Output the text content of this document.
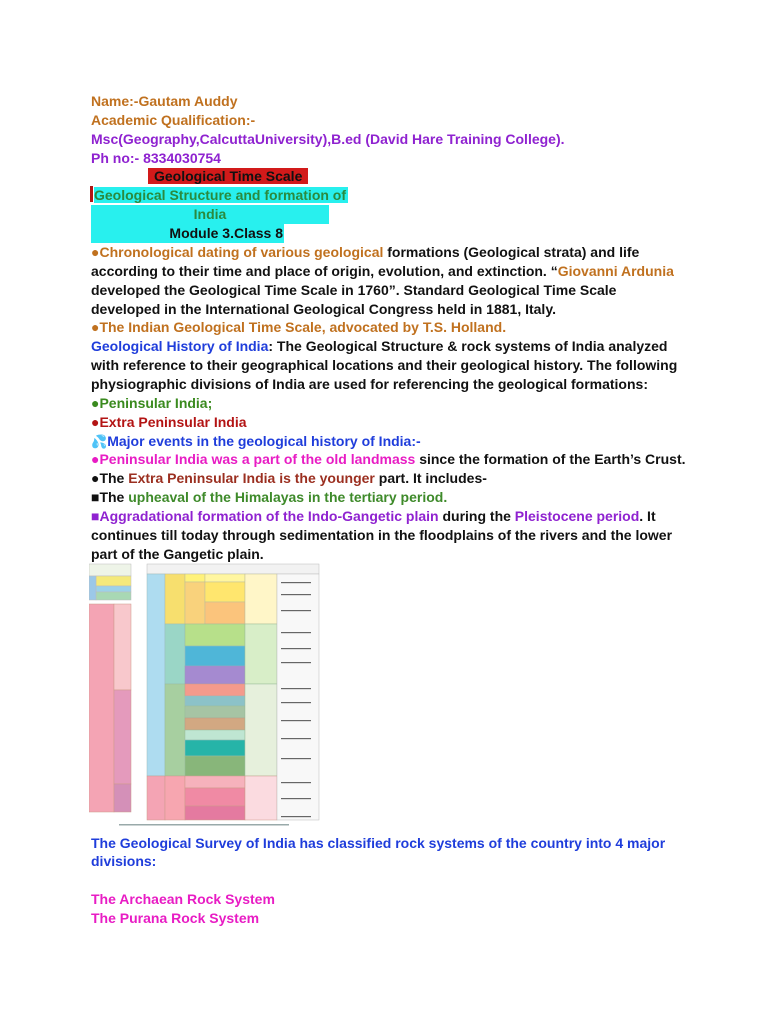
Name:-Gautam Auddy
Academic Qualification:-
Msc(Geography,CalcuttaUniversity),B.ed (David Hare Training College).
Ph no:- 8334030754
Geological Time Scale
Geological Structure and formation of
India
Module 3.Class 8
●Chronological dating of various geological formations (Geological strata) and life
according to their time and place of origin, evolution, and extinction. “Giovanni Ardunia
developed the Geological Time Scale in 1760”. Standard Geological Time Scale
developed in the International Geological Congress held in 1881, Italy.
●The Indian Geological Time Scale, advocated by T.S. Holland.
Geological History of India: The Geological Structure & rock systems of India analyzed
with reference to their geographical locations and their geological history. The following
physiographic divisions of India are used for referencing the geological formations:
●Peninsular India;
●Extra Peninsular India
💦Major events in the geological history of India:-
●Peninsular India was a part of the old landmass since the formation of the Earth’s Crust.
●The Extra Peninsular India is the younger part. It includes-
■The upheaval of the Himalayas in the tertiary period.
■Aggradational formation of the Indo-Gangetic plain during the Pleistocene period. It
continues till today through sedimentation in the floodplains of the rivers and the lower
part of the Gangetic plain.
The Geological Survey of India has classified rock systems of the country into 4 major
divisions:
The Archaean Rock System
The Purana Rock System
